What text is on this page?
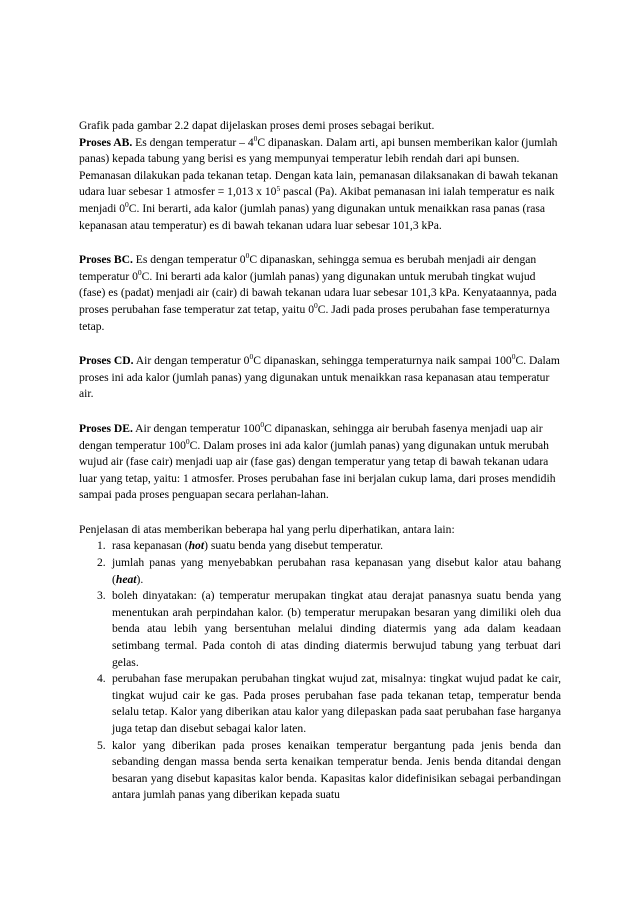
Grafik pada gambar 2.2 dapat dijelaskan proses demi proses sebagai berikut.

Proses AB. Es dengan temperatur – $4^0C$ dipanaskan. Dalam arti, api bunsen memberikan kalor (jumlah panas) kepada tabung yang berisi es yang mempunyai temperatur lebih rendah dari api bunsen. Pemanasan dilakukan pada tekanan tetap. Dengan kata lain, pemanasan dilaksanakan di bawah tekanan udara luar sebesar 1 atmosfer = 1,013 x $10^5$ pascal (Pa). Akibat pemanasan ini ialah temperatur es naik menjadi $0^0C$. Ini berarti, ada kalor (jumlah panas) yang digunakan untuk menaikkan rasa panas (rasa kepanasan atau temperatur) es di bawah tekanan udara luar sebesar 101,3 kPa.

Proses BC. Es dengan temperatur $0^0C$ dipanaskan, sehingga semua es berubah menjadi air dengan temperatur $0^0C$. Ini berarti ada kalor (jumlah panas) yang digunakan untuk merubah tingkat wujud (fase) es (padat) menjadi air (cair) di bawah tekanan udara luar sebesar 101,3 kPa. Kenyataannya, pada proses perubahan fase temperatur zat tetap, yaitu $0^0C$. Jadi pada proses perubahan fase temperaturnya tetap.

Proses CD. Air dengan temperatur $0^0C$ dipanaskan, sehingga temperaturnya naik sampai $100^0C$. Dalam proses ini ada kalor (jumlah panas) yang digunakan untuk menaikkan rasa kepanasan atau temperatur air.

Proses DE. Air dengan temperatur $100^0C$ dipanaskan, sehingga air berubah fasenya menjadi uap air dengan temperatur $100^0C$. Dalam proses ini ada kalor (jumlah panas) yang digunakan untuk merubah wujud air (fase cair) menjadi uap air (fase gas) dengan temperatur yang tetap di bawah tekanan udara luar yang tetap, yaitu: 1 atmosfer. Proses perubahan fase ini berjalan cukup lama, dari proses mendidih sampai pada proses penguapan secara perlahan-lahan.

Penjelasan di atas memberikan beberapa hal yang perlu diperhatikan, antara lain:

1. rasa kepanasan (hot) suatu benda yang disebut temperatur.
2. jumlah panas yang menyebabkan perubahan rasa kepanasan yang disebut kalor atau bahang (heat).
3. boleh dinyatakan: (a) temperatur merupakan tingkat atau derajat panasnya suatu benda yang menentukan arah perpindahan kalor. (b) temperatur merupakan besaran yang dimiliki oleh dua benda atau lebih yang bersentuhan melalui dinding diatermis yang ada dalam keadaan setimbang termal. Pada contoh di atas dinding diatermis berwujud tabung yang terbuat dari gelas.
4. perubahan fase merupakan perubahan tingkat wujud zat, misalnya: tingkat wujud padat ke cair, tingkat wujud cair ke gas. Pada proses perubahan fase pada tekanan tetap, temperatur benda selalu tetap. Kalor yang diberikan atau kalor yang dilepaskan pada saat perubahan fase harganya juga tetap dan disebut sebagai kalor laten.
5. kalor yang diberikan pada proses kenaikan temperatur bergantung pada jenis benda dan sebanding dengan massa benda serta kenaikan temperatur benda. Jenis benda ditandai dengan besaran yang disebut kapasitas kalor benda. Kapasitas kalor didefinisikan sebagai perbandingan antara jumlah panas yang diberikan kepada suatu
